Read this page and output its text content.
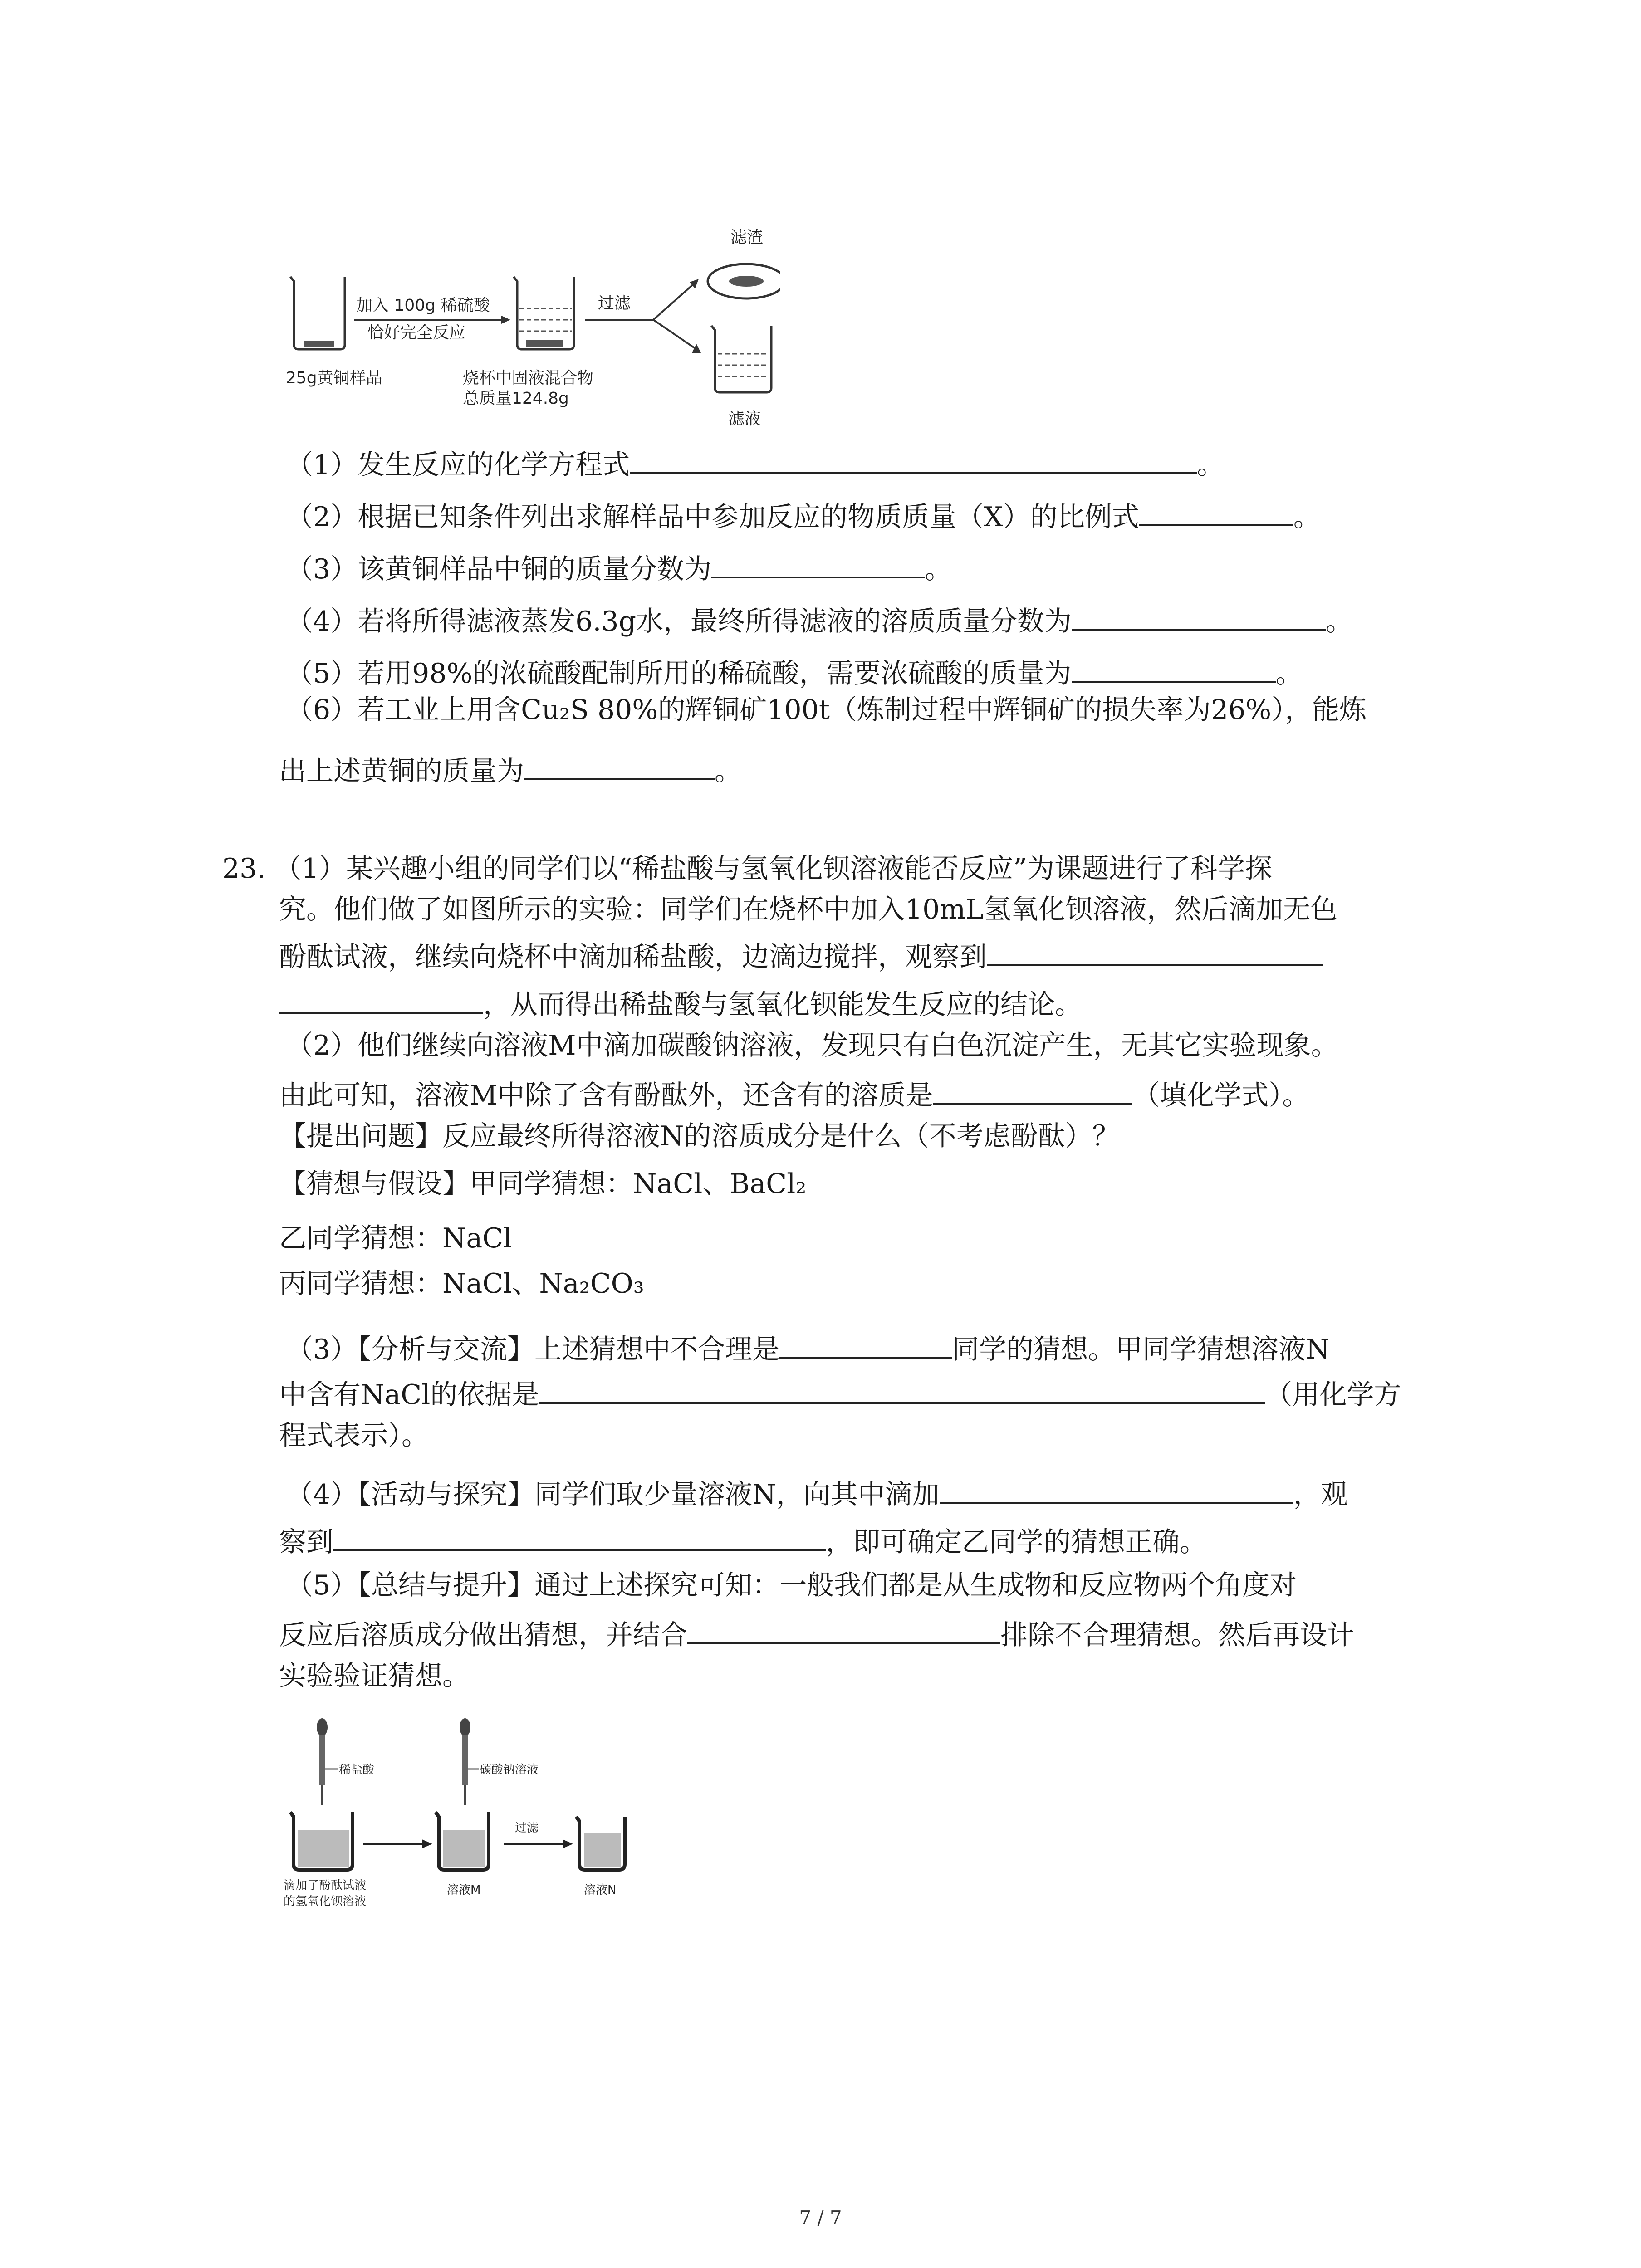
25g黄铜样品
加入 100g 稀硫酸
恰好完全反应
烧杯中固液混合物
总质量124.8g
过滤
滤渣
滤液
（1）发生反应的化学方程式	。
（2）根据已知条件列出求解样品中参加反应的物质质量（X）的比例式	。
（3）该黄铜样品中铜的质量分数为	。
（4）若将所得滤液蒸发6.3g水，最终所得滤液的溶质质量分数为	。
（5）若用98%的浓硫酸配制所用的稀硫酸，需要浓硫酸的质量为	。
（6）若工业上用含Cu₂S 80%的辉铜矿100t（炼制过程中辉铜矿的损失率为26%），能炼
出上述黄铜的质量为	。
23. （1）某兴趣小组的同学们以“稀盐酸与氢氧化钡溶液能否反应”为课题进行了科学探
究。他们做了如图所示的实验：同学们在烧杯中加入10mL氢氧化钡溶液，然后滴加无色
酚酞试液，继续向烧杯中滴加稀盐酸，边滴边搅拌，观察到
，从而得出稀盐酸与氢氧化钡能发生反应的结论。
（2）他们继续向溶液M中滴加碳酸钠溶液，发现只有白色沉淀产生，无其它实验现象。
由此可知，溶液M中除了含有酚酞外，还含有的溶质是	（填化学式）。
【提出问题】反应最终所得溶液N的溶质成分是什么（不考虑酚酞）？
【猜想与假设】甲同学猜想：NaCl、BaCl₂
乙同学猜想：NaCl
丙同学猜想：NaCl、Na₂CO₃
（3）【分析与交流】上述猜想中不合理是	同学的猜想。甲同学猜想溶液N
中含有NaCl的依据是	（用化学方
程式表示）。
（4）【活动与探究】同学们取少量溶液N，向其中滴加	，观
察到	，即可确定乙同学的猜想正确。
（5）【总结与提升】通过上述探究可知：一般我们都是从生成物和反应物两个角度对
反应后溶质成分做出猜想，并结合	排除不合理猜想。然后再设计
实验验证猜想。
稀盐酸
滴加了酚酞试液
的氢氧化钡溶液
碳酸钠溶液
溶液M
过滤
溶液N
7 / 7
